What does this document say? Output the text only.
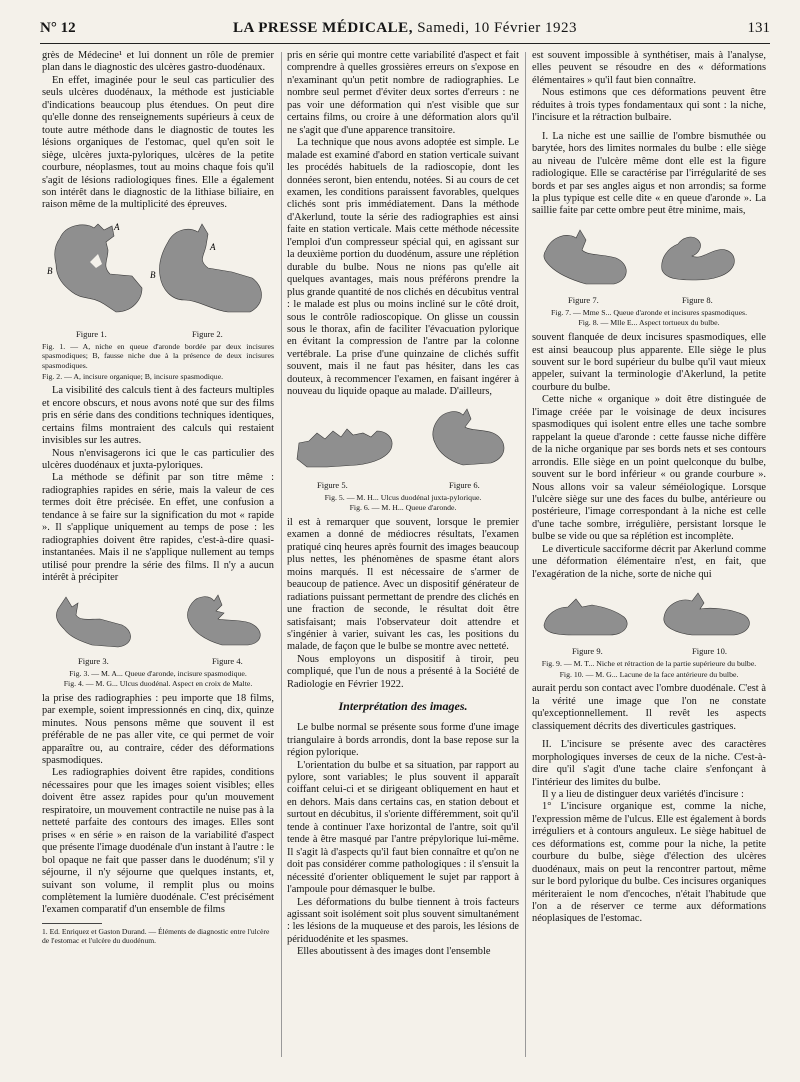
N° 12	LA PRESSE MÉDICALE, Samedi, 10 Février 1923	131

grès de Médecine¹ et lui donnent un rôle de premier plan dans le diagnostic des ulcères gastro-duodénaux.

En effet, imaginée pour le seul cas particulier des seuls ulcères duodénaux, la méthode est justiciable d'indications beaucoup plus étendues. On peut dire qu'elle donne des renseignements supérieurs à ceux de toute autre méthode dans le diagnostic de toutes les lésions organiques de l'estomac, quel qu'en soit le siège, ulcères juxta-pyloriques, ulcères de la petite courbure, néoplasmes, tout au moins chaque fois qu'il s'agit de lésions radiologiques fines. Elle a également son intérêt dans le diagnostic de la lithiase biliaire, en raison même de la multiplicité des épreuves.

A
B
A
B
Figure 1.	Figure 2.
Fig. 1. — A, niche en queue d'aronde bordée par deux incisures spasmodiques; B, fausse niche due à la présence de deux incisures spasmodiques.
Fig. 2. — A, incisure organique; B, incisure spasmodique.

La visibilité des calculs tient à des facteurs multiples et encore obscurs, et nous avons noté que sur des films pris en série dans des conditions techniques identiques, certains films montraient des calculs qui restaient invisibles sur les autres.

Nous n'envisagerons ici que le cas particulier des ulcères duodénaux et juxta-pyloriques.

La méthode se définit par son titre même : radiographies rapides en série, mais la valeur de ces termes doit être précisée. En effet, une confusion a tendance à se faire sur la signification du mot « rapide ». Il s'applique uniquement au temps de pose : les radiographies doivent être rapides, c'est-à-dire quasi-instantanées. Mais il ne s'applique nullement au temps utilisé pour prendre la série des films. Il n'y a aucun intérêt à précipiter

Figure 3.	Figure 4.
Fig. 3. — M. A... Queue d'aronde, incisure spasmodique.
Fig. 4. — M. G... Ulcus duodénal. Aspect en croix de Malte.

la prise des radiographies : peu importe que 18 films, par exemple, soient impressionnés en cinq, dix, quinze minutes. Nous pensons même que souvent il est préférable de ne pas aller vite, ce qui permet de voir apparaître ou, au contraire, céder des déformations spasmodiques.

Les radiographies doivent être rapides, conditions nécessaires pour que les images soient visibles; elles doivent être assez rapides pour qu'un mouvement respiratoire, un mouvement contractile ne nuise pas à la netteté parfaite des contours des images. Elles sont prises « en série » en raison de la variabilité d'aspect que présente l'image duodénale d'un instant à l'autre : le bol opaque ne fait que passer dans le duodénum; s'il y séjourne, il n'y séjourne que quelques instants, et, suivant son volume, il remplit plus ou moins complètement la lumière duodénale. C'est précisément l'examen comparatif d'un ensemble de films

1. Ed. Enriquez et Gaston Durand. — Éléments de diagnostic entre l'ulcère de l'estomac et l'ulcère du duodénum.

pris en série qui montre cette variabilité d'aspect et fait comprendre à quelles grossières erreurs on s'expose en n'examinant qu'un petit nombre de radiographies. Le nombre seul permet d'éviter deux sortes d'erreurs : ne pas voir une déformation qui n'est visible que sur certains films, ou croire à une déformation alors qu'il ne s'agit que d'une apparence transitoire.

La technique que nous avons adoptée est simple. Le malade est examiné d'abord en station verticale suivant les procédés habituels de la radioscopie, dont les données seront, bien entendu, notées. Si au cours de cet examen, les conditions paraissent favorables, quelques clichés sont pris immédiatement. Dans la méthode d'Akerlund, toute la série des radiographies est ainsi faite en station verticale. Mais cette méthode nécessite l'emploi d'un compresseur spécial qui, en agissant sur la deuxième portion du duodénum, assure une réplétion durable du bulbe. Nous ne nions pas qu'elle ait quelques avantages, mais nous préférons prendre la plus grande quantité de nos clichés en décubitus ventral : le malade est plus ou moins incliné sur le côté droit, sous le contrôle radioscopique. On glisse un coussin sous le thorax, afin de faciliter l'évacuation pylorique en évitant la compression de l'antre par la colonne vertébrale. La prise d'une quinzaine de clichés suffit souvent, mais il ne faut pas hésiter, dans les cas douteux, à recommencer l'examen, en faisant ingérer à nouveau du liquide opaque au malade. D'ailleurs,

Figure 5.	Figure 6.
Fig. 5. — M. H... Ulcus duodénal juxta-pylorique.
Fig. 6. — M. H... Queue d'aronde.

il est à remarquer que souvent, lorsque le premier examen a donné de médiocres résultats, l'examen pratiqué cinq heures après fournit des images beaucoup plus nettes, les phénomènes de spasme étant alors moins marqués. Il est nécessaire de s'armer de beaucoup de patience. Avec un dispositif générateur de radiations puissant permettant de prendre des clichés en une fraction de seconde, le résultat doit être satisfaisant; mais l'observateur doit attendre et s'ingénier à varier, suivant les cas, les positions du malade, de façon que le bulbe se montre avec netteté.

Nous employons un dispositif à tiroir, peu compliqué, que l'un de nous a présenté à la Société de Radiologie en Février 1922.

Interprétation des images.

Le bulbe normal se présente sous forme d'une image triangulaire à bords arrondis, dont la base repose sur la région pylorique.

L'orientation du bulbe et sa situation, par rapport au pylore, sont variables; le plus souvent il apparaît coiffant celui-ci et se dirigeant obliquement en haut et en dehors. Mais dans certains cas, en station debout et surtout en décubitus, il s'oriente différemment, soit qu'il tende à continuer l'axe horizontal de l'antre, soit qu'il tende à être masqué par l'antre prépylorique lui-même. Il s'agit là d'aspects qu'il faut bien connaître et qu'on ne doit pas considérer comme pathologiques : il s'ensuit la nécessité d'orienter obliquement le sujet par rapport à l'ampoule pour démasquer le bulbe.

Les déformations du bulbe tiennent à trois facteurs agissant soit isolément soit plus souvent simultanément : les lésions de la muqueuse et des parois, les lésions de périduodénite et les spasmes.

Elles aboutissent à des images dont l'ensemble

est souvent impossible à synthétiser, mais à l'analyse, elles peuvent se résoudre en des « déformations élémentaires » qu'il faut bien connaître.

Nous estimons que ces déformations peuvent être réduites à trois types fondamentaux qui sont : la niche, l'incisure et la rétraction bulbaire.

I. La niche est une saillie de l'ombre bismuthée ou barytée, hors des limites normales du bulbe : elle siège au niveau de l'ulcère même dont elle est la figure radiologique. Elle se caractérise par l'irrégularité de ses bords et par ses angles aigus et non arrondis; sa forme la plus typique est celle dite « en queue d'aronde ». La saillie faite par cette ombre peut être minime, mais,

Figure 7.	Figure 8.
Fig. 7. — Mme S... Queue d'aronde et incisures spasmodiques.
Fig. 8. — Mlle E... Aspect tortueux du bulbe.

souvent flanquée de deux incisures spasmodiques, elle est ainsi beaucoup plus apparente. Elle siège le plus souvent sur le bord supérieur du bulbe qu'il vaut mieux appeler, suivant la terminologie d'Akerlund, la petite courbure du bulbe.

Cette niche « organique » doit être distinguée de l'image créée par le voisinage de deux incisures spasmodiques qui isolent entre elles une tache sombre rappelant la queue d'aronde : cette fausse niche diffère de la niche organique par ses bords nets et ses contours arrondis. Elle siège en un point quelconque du bulbe, souvent sur le bord inférieur « ou grande courbure ». Nous allons voir sa valeur séméiologique. Lorsque l'ulcère siège sur une des faces du bulbe, antérieure ou postérieure, l'image correspondant à la niche est celle d'une tache sombre, irrégulière, persistant lorsque le bulbe se vide ou que sa réplétion est incomplète.

Le diverticule sacciforme décrit par Akerlund comme une déformation élémentaire n'est, en fait, que l'exagération de la niche, sorte de niche qui

Figure 9.	Figure 10.
Fig. 9. — M. T... Niche et rétraction de la partie supérieure du bulbe.
Fig. 10. — M. G... Lacune de la face antérieure du bulbe.

aurait perdu son contact avec l'ombre duodénale. C'est à la vérité une image que l'on ne constate qu'exceptionnellement. Il revêt les aspects classiquement décrits des diverticules gastriques.

II. L'incisure se présente avec des caractères morphologiques inverses de ceux de la niche. C'est-à-dire qu'il s'agit d'une tache claire s'enfonçant à l'intérieur des limites du bulbe.

Il y a lieu de distinguer deux variétés d'incisure :

1° L'incisure organique est, comme la niche, l'expression même de l'ulcus. Elle est également à bords irréguliers et à contours anguleux. Le siège habituel de ces déformations est, comme pour la niche, la petite courbure du bulbe, siège d'élection des ulcères duodénaux, mais on peut la rencontrer partout, même sur le bord pylorique du bulbe. Ces incisures organiques mériteraient le nom d'encoches, n'était l'habitude que l'on a de réserver ce terme aux déformations néoplasiques de l'estomac.
